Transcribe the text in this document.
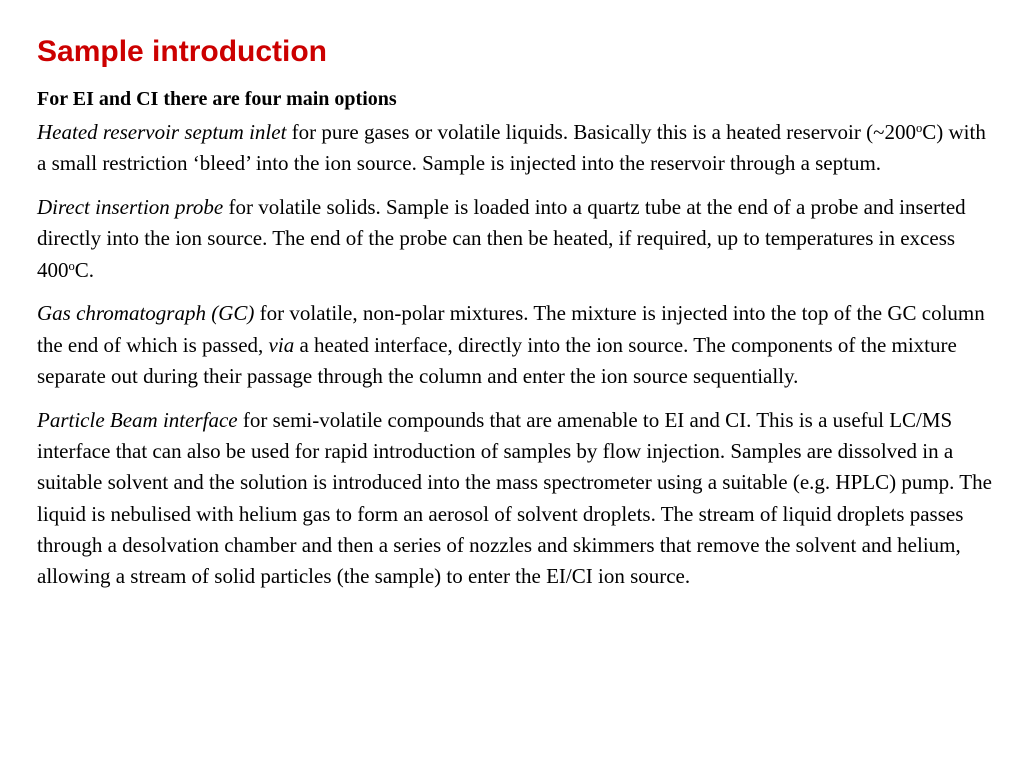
Sample introduction

For EI and CI there are four main options

Heated reservoir septum inlet for pure gases or volatile liquids. Basically this is a heated reservoir (~200$^o$C) with a small restriction ‘bleed’ into the ion source. Sample is injected into the reservoir through a septum.

Direct insertion probe for volatile solids. Sample is loaded into a quartz tube at the end of a probe and inserted directly into the ion source. The end of the probe can then be heated, if required, up to temperatures in excess 400$^o$C.

Gas chromatograph (GC) for volatile, non-polar mixtures. The mixture is injected into the top of the GC column the end of which is passed, via a heated interface, directly into the ion source. The components of the mixture separate out during their passage through the column and enter the ion source sequentially.

Particle Beam interface for semi-volatile compounds that are amenable to EI and CI. This is a useful LC/MS interface that can also be used for rapid introduction of samples by flow injection. Samples are dissolved in a suitable solvent and the solution is introduced into the mass spectrometer using a suitable (e.g. HPLC) pump. The liquid is nebulised with helium gas to form an aerosol of solvent droplets. The stream of liquid droplets passes through a desolvation chamber and then a series of nozzles and skimmers that remove the solvent and helium, allowing a stream of solid particles (the sample) to enter the EI/CI ion source.
